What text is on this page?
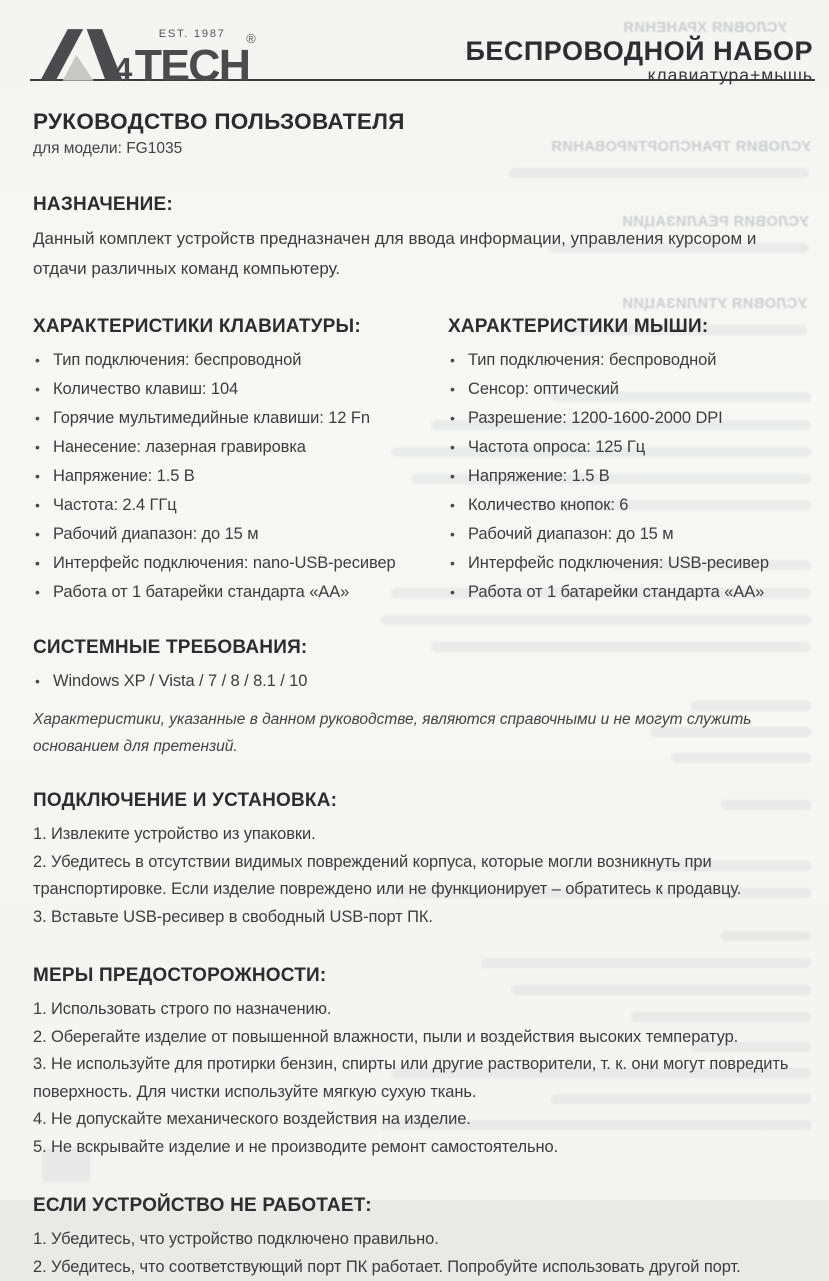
УСЛОВИЯ ХРАНЕНИЯ
УСЛОВИЯ ТРАНСПОРТИРОВАНИЯ
УСЛОВИЯ РЕАЛИЗАЦИИ
УСЛОВИЯ УТИЛИЗАЦИИ
EST. 1987
4 TECH
®	БЕСПРОВОДНОЙ НАБОР
клавиатура+мышь
РУКОВОДСТВО ПОЛЬЗОВАТЕЛЯ
для модели: FG1035
НАЗНАЧЕНИЕ:

Данный комплект устройств предназначен для ввода информации, управления курсором и отдачи различных команд компьютеру.

ХАРАКТЕРИСТИКИ КЛАВИАТУРЫ:
• Тип подключения: беспроводной
• Количество клавиш: 104
• Горячие мультимедийные клавиши: 12 Fn
• Нанесение: лазерная гравировка
• Напряжение: 1.5 В
• Частота: 2.4 ГГц
• Рабочий диапазон: до 15 м
• Интерфейс подключения: nano-USB-ресивер
• Работа от 1 батарейки стандарта «АА»
ХАРАКТЕРИСТИКИ МЫШИ:
• Тип подключения: беспроводной
• Сенсор: оптический
• Разрешение: 1200-1600-2000 DPI
• Частота опроса: 125 Гц
• Напряжение: 1.5 В
• Количество кнопок: 6
• Рабочий диапазон: до 15 м
• Интерфейс подключения: USB-ресивер
• Работа от 1 батарейки стандарта «АА»
СИСТЕМНЫЕ ТРЕБОВАНИЯ:
• Windows XP / Vista / 7 / 8 / 8.1 / 10

Характеристики, указанные в данном руководстве, являются справочными и не могут служить основанием для претензий.

ПОДКЛЮЧЕНИЕ И УСТАНОВКА:

1. Извлеките устройство из упаковки.

2. Убедитесь в отсутствии видимых повреждений корпуса, которые могли возникнуть при транспортировке. Если изделие повреждено или не функционирует – обратитесь к продавцу.

3. Вставьте USB-ресивер в свободный USB-порт ПК.

МЕРЫ ПРЕДОСТОРОЖНОСТИ:

1. Использовать строго по назначению.

2. Оберегайте изделие от повышенной влажности, пыли и воздействия высоких температур.

3. Не используйте для протирки бензин, спирты или другие растворители, т. к. они могут повредить поверхность. Для чистки используйте мягкую сухую ткань.

4. Не допускайте механического воздействия на изделие.

5. Не вскрывайте изделие и не производите ремонт самостоятельно.

ЕСЛИ УСТРОЙСТВО НЕ РАБОТАЕТ:

1. Убедитесь, что устройство подключено правильно.

2. Убедитесь, что соответствующий порт ПК работает. Попробуйте использовать другой порт.
